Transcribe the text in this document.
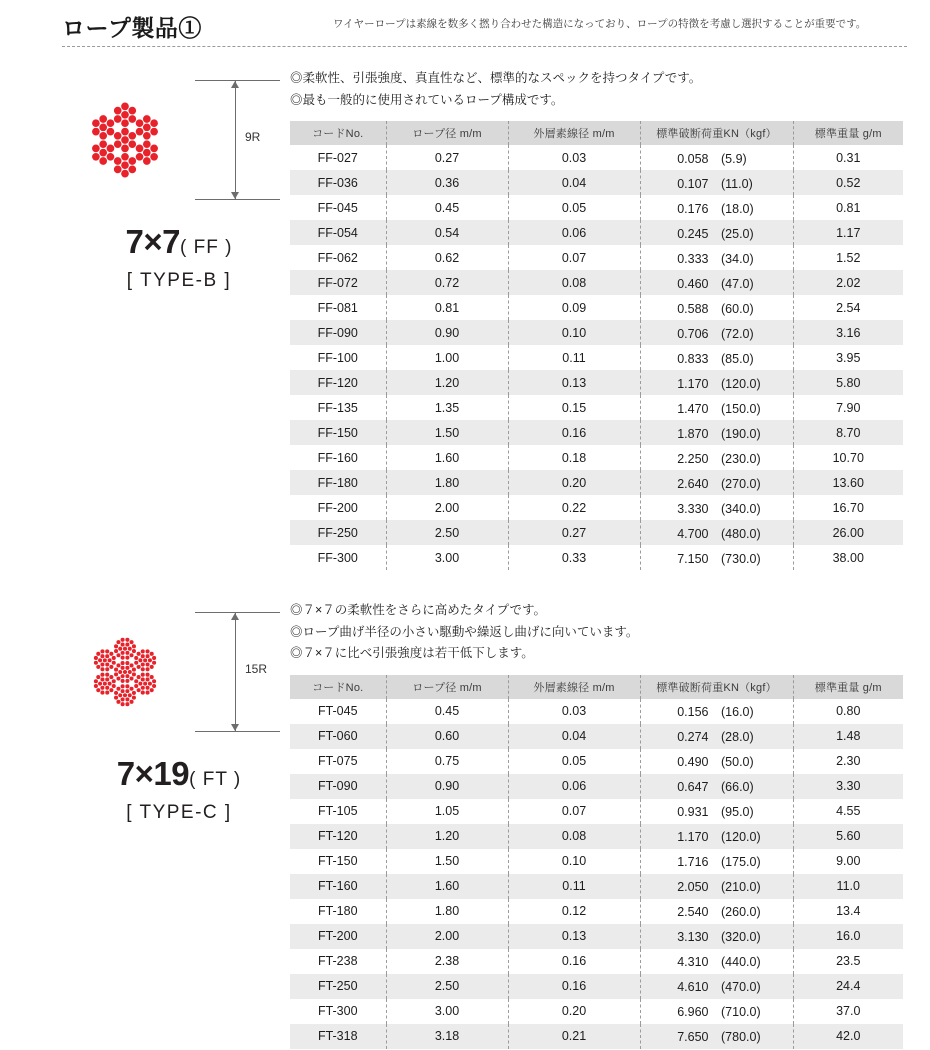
ロープ製品①	ワイヤーロープは素線を数多く撚り合わせた構造になっており、ロープの特徴を考慮し選択することが重要です。
9R
7×7( FF )
[ TYPE-B ]
◎柔軟性、引張強度、真直性など、標準的なスペックを持つタイプです。
◎最も一般的に使用されているロープ構成です。
コードNo.	ロープ径 m/m	外層素線径 m/m	標準破断荷重KN（kgf）	標準重量 g/m
FF-027	0.27	0.03	0.058　(5.9)	0.31
FF-036	0.36	0.04	0.107　(11.0)	0.52
FF-045	0.45	0.05	0.176　(18.0)	0.81
FF-054	0.54	0.06	0.245　(25.0)	1.17
FF-062	0.62	0.07	0.333　(34.0)	1.52
FF-072	0.72	0.08	0.460　(47.0)	2.02
FF-081	0.81	0.09	0.588　(60.0)	2.54
FF-090	0.90	0.10	0.706　(72.0)	3.16
FF-100	1.00	0.11	0.833　(85.0)	3.95
FF-120	1.20	0.13	1.170　(120.0)	5.80
FF-135	1.35	0.15	1.470　(150.0)	7.90
FF-150	1.50	0.16	1.870　(190.0)	8.70
FF-160	1.60	0.18	2.250　(230.0)	10.70
FF-180	1.80	0.20	2.640　(270.0)	13.60
FF-200	2.00	0.22	3.330　(340.0)	16.70
FF-250	2.50	0.27	4.700　(480.0)	26.00
FF-300	3.00	0.33	7.150　(730.0)	38.00
15R
7×19( FT )
[ TYPE-C ]
◎７×７の柔軟性をさらに高めたタイプです。
◎ロープ曲げ半径の小さい駆動や繰返し曲げに向いています。
◎７×７に比べ引張強度は若干低下します。
コードNo.	ロープ径 m/m	外層素線径 m/m	標準破断荷重KN（kgf）	標準重量 g/m
FT-045	0.45	0.03	0.156　(16.0)	0.80
FT-060	0.60	0.04	0.274　(28.0)	1.48
FT-075	0.75	0.05	0.490　(50.0)	2.30
FT-090	0.90	0.06	0.647　(66.0)	3.30
FT-105	1.05	0.07	0.931　(95.0)	4.55
FT-120	1.20	0.08	1.170　(120.0)	5.60
FT-150	1.50	0.10	1.716　(175.0)	9.00
FT-160	1.60	0.11	2.050　(210.0)	11.0
FT-180	1.80	0.12	2.540　(260.0)	13.4
FT-200	2.00	0.13	3.130　(320.0)	16.0
FT-238	2.38	0.16	4.310　(440.0)	23.5
FT-250	2.50	0.16	4.610　(470.0)	24.4
FT-300	3.00	0.20	6.960　(710.0)	37.0
FT-318	3.18	0.21	7.650　(780.0)	42.0
